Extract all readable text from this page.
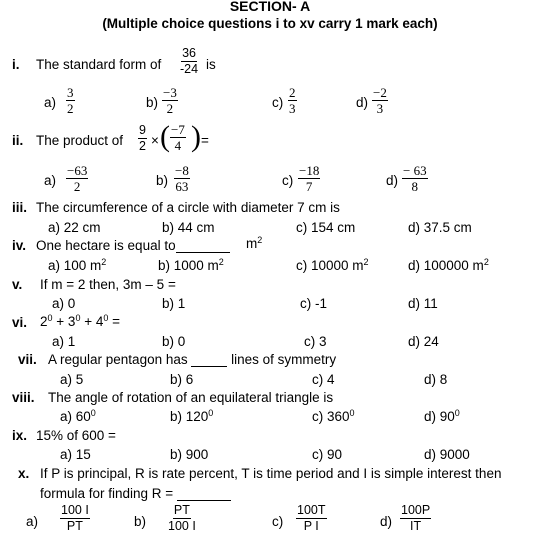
SECTION- A
(Multiple choice questions i to xv carry 1 mark each)
i. The standard form of $\frac{36}{-24}$ is
$a) \frac{3}{2}$	$b) \frac{-3}{2}$	$c) \frac{2}{3}$	$d) \frac{-2}{3}$
ii. The product of $\frac{9}{2}$ × ( $\frac{-7}{4}$ ) =
$a) \frac{-63}{2}$	$b) \frac{-8}{63}$	$c) \frac{-18}{7}$	$d) \frac{- 63}{8}$
iii. The circumference of a circle with diameter 7 cm is
a) 22 cm	b) 44 cm	c) 154 cm	d) 37.5 cm
iv. One hectare is equal to	$m^2$
a) 100 $m^2$	b) 1000 $m^2$	c) 10000 $m^2$	d) 100000 $m^2$
v. If m = 2 then, 3m – 5 =
a) 0	b) 1	c) -1	d) 11
vi. $2^0 + 3^0 + 4^0$ =
a) 1	b) 0	c) 3	d) 24
vii. A regular pentagon has	lines of symmetry
a) 5	b) 6	c) 4	d) 8
viii. The angle of rotation of an equilateral triangle is
a) $60^0$	b) $120^0$	c) $360^0$	d) $90^0$
ix. 15% of 600 =
a) 15	b) 900	c) 90	d) 9000
x. If P is principal, R is rate percent, T is time period and I is simple interest then
formula for finding R =
$a) \frac{100 I}{PT}$	$b) \frac{PT}{100 I}$	$c) \frac{100T}{\text{P I}}$	$d) \frac{100P}{IT}$
